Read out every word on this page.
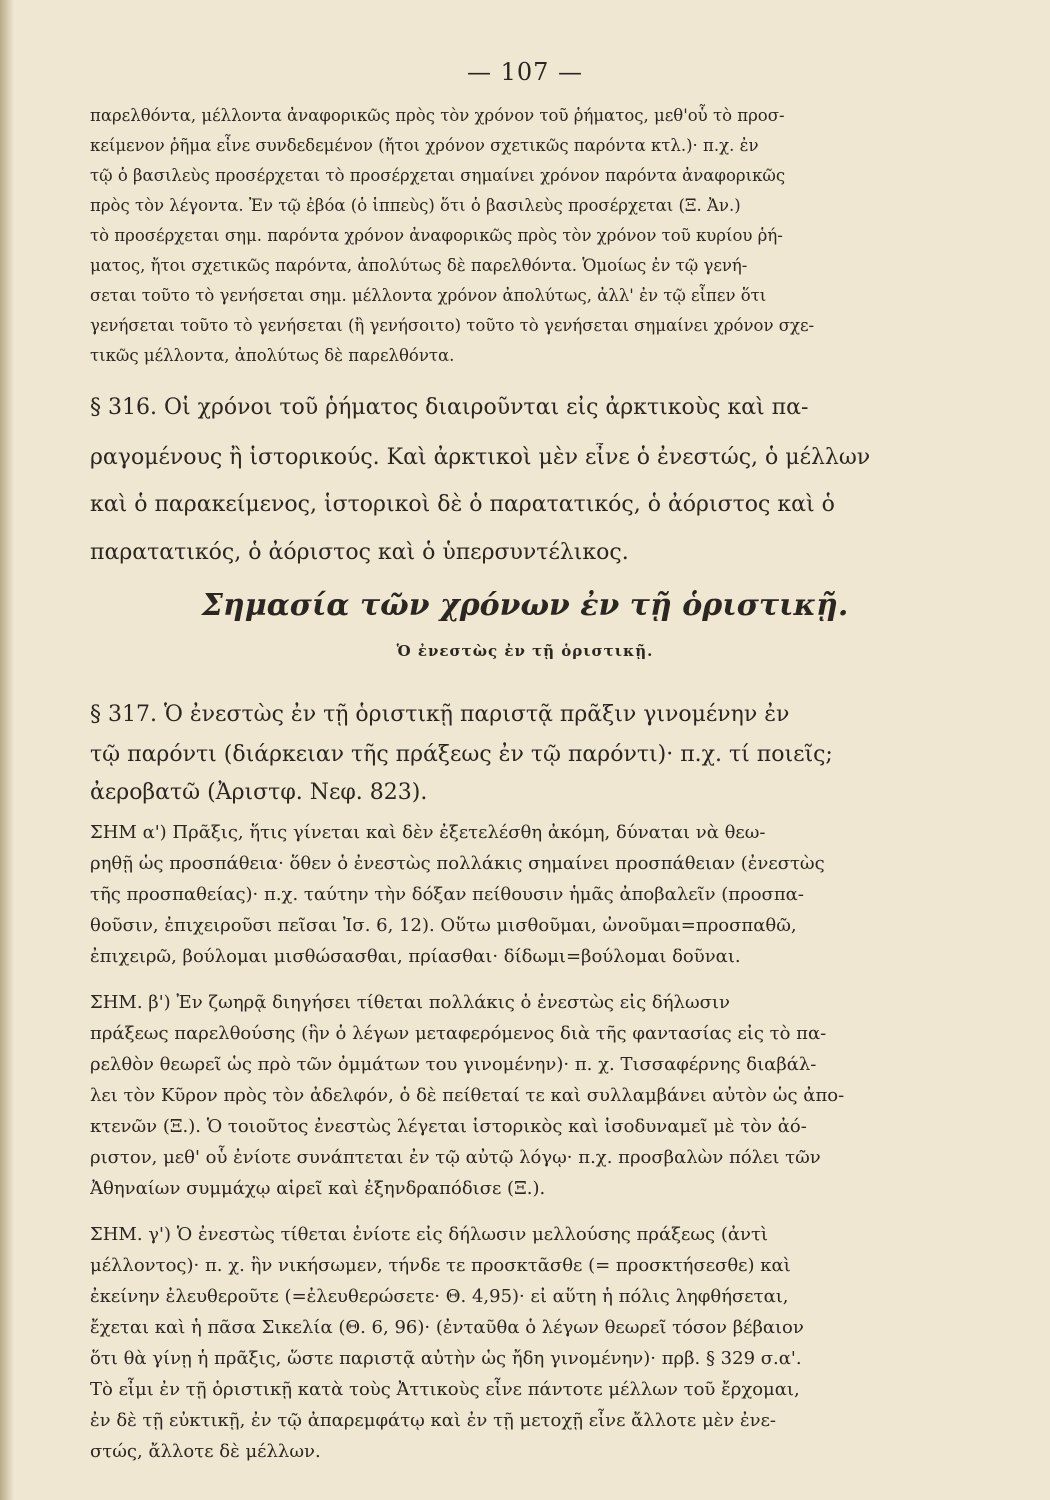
— 107 —
παρελθόντα, μέλλοντα ἀναφορικῶς πρὸς τὸν χρόνον τοῦ ῥήματος, μεθ'οὗ τὸ προσ-
κείμενον ῥῆμα εἶνε συνδεδεμένον (ἤτοι χρόνον σχετικῶς παρόντα κτλ.)· π.χ. ἐν
τῷ ὁ βασιλεὺς προσέρχεται τὸ προσέρχεται σημαίνει χρόνον παρόντα ἀναφορικῶς
πρὸς τὸν λέγοντα. Ἐν τῷ ἐβόα (ὁ ἱππεὺς) ὅτι ὁ βασιλεὺς προσέρχεται (Ξ. Ἀν.)
τὸ προσέρχεται σημ. παρόντα χρόνον ἀναφορικῶς πρὸς τὸν χρόνον τοῦ κυρίου ῥή-
ματος, ἤτοι σχετικῶς παρόντα, ἀπολύτως δὲ παρελθόντα. Ὁμοίως ἐν τῷ γενή-
σεται τοῦτο τὸ γενήσεται σημ. μέλλοντα χρόνον ἀπολύτως, ἀλλ' ἐν τῷ εἶπεν ὅτι
γενήσεται τοῦτο τὸ γενήσεται (ἢ γενήσοιτο) τοῦτο τὸ γενήσεται σημαίνει χρόνον σχε-
τικῶς μέλλοντα, ἀπολύτως δὲ παρελθόντα.
§ 316. Οἱ χρόνοι τοῦ ῥήματος διαιροῦνται εἰς ἀρκτικοὺς καὶ πα-
ραγομένους ἢ ἱστορικούς. Καὶ ἀρκτικοὶ μὲν εἶνε ὁ ἐνεστώς, ὁ μέλλων
καὶ ὁ παρακείμενος, ἱστορικοὶ δὲ ὁ παρατατικός, ὁ ἀόριστος καὶ ὁ
παρατατικός, ὁ ἀόριστος καὶ ὁ ὑπερσυντέλικος.
Σημασία τῶν χρόνων ἐν τῇ ὁριστικῇ.
Ὁ ἐνεστὼς ἐν τῇ ὁριστικῇ.
§ 317. Ὁ ἐνεστὼς ἐν τῇ ὁριστικῇ παριστᾷ πρᾶξιν γινομένην ἐν
τῷ παρόντι (διάρκειαν τῆς πράξεως ἐν τῷ παρόντι)· π.χ. τί ποιεῖς;
ἀεροβατῶ (Ἀριστφ. Νεφ. 823).
ΣΗΜ α') Πρᾶξις, ἥτις γίνεται καὶ δὲν ἐξετελέσθη ἀκόμη, δύναται νὰ θεω-
ρηθῇ ὡς προσπάθεια· ὅθεν ὁ ἐνεστὼς πολλάκις σημαίνει προσπάθειαν (ἐνεστὼς
τῆς προσπαθείας)· π.χ. ταύτην τὴν δόξαν πείθουσιν ἡμᾶς ἀποβαλεῖν (προσπα-
θοῦσιν, ἐπιχειροῦσι πεῖσαι Ἰσ. 6, 12). Οὕτω μισθοῦμαι, ὠνοῦμαι=προσπαθῶ,
ἐπιχειρῶ, βούλομαι μισθώσασθαι, πρίασθαι· δίδωμι=βούλομαι δοῦναι.
ΣΗΜ. β') Ἐν ζωηρᾷ διηγήσει τίθεται πολλάκις ὁ ἐνεστὼς εἰς δήλωσιν
πράξεως παρελθούσης (ἣν ὁ λέγων μεταφερόμενος διὰ τῆς φαντασίας εἰς τὸ πα-
ρελθὸν θεωρεῖ ὡς πρὸ τῶν ὀμμάτων του γινομένην)· π. χ. Τισσαφέρνης διαβάλ-
λει τὸν Κῦρον πρὸς τὸν ἀδελφόν, ὁ δὲ πείθεταί τε καὶ συλλαμβάνει αὐτὸν ὡς ἀπο-
κτενῶν (Ξ.). Ὁ τοιοῦτος ἐνεστὼς λέγεται ἱστορικὸς καὶ ἰσοδυναμεῖ μὲ τὸν ἀό-
ριστον, μεθ' οὗ ἐνίοτε συνάπτεται ἐν τῷ αὐτῷ λόγῳ· π.χ. προσβαλὼν πόλει τῶν
Ἀθηναίων συμμάχῳ αἱρεῖ καὶ ἐξηνδραπόδισε (Ξ.).
ΣΗΜ. γ') Ὁ ἐνεστὼς τίθεται ἐνίοτε εἰς δήλωσιν μελλούσης πράξεως (ἀντὶ
μέλλοντος)· π. χ. ἢν νικήσωμεν, τήνδε τε προσκτᾶσθε (= προσκτήσεσθε) καὶ
ἐκείνην ἐλευθεροῦτε (=ἐλευθερώσετε· Θ. 4,95)· εἰ αὕτη ἡ πόλις ληφθήσεται,
ἔχεται καὶ ἡ πᾶσα Σικελία (Θ. 6, 96)· (ἐνταῦθα ὁ λέγων θεωρεῖ τόσον βέβαιον
ὅτι θὰ γίνῃ ἡ πρᾶξις, ὥστε παριστᾷ αὐτὴν ὡς ἤδη γινομένην)· πρβ. § 329 σ.α'.
Τὸ εἶμι ἐν τῇ ὁριστικῇ κατὰ τοὺς Ἀττικοὺς εἶνε πάντοτε μέλλων τοῦ ἔρχομαι,
ἐν δὲ τῇ εὐκτικῇ, ἐν τῷ ἀπαρεμφάτῳ καὶ ἐν τῇ μετοχῇ εἶνε ἄλλοτε μὲν ἐνε-
στώς, ἄλλοτε δὲ μέλλων.
